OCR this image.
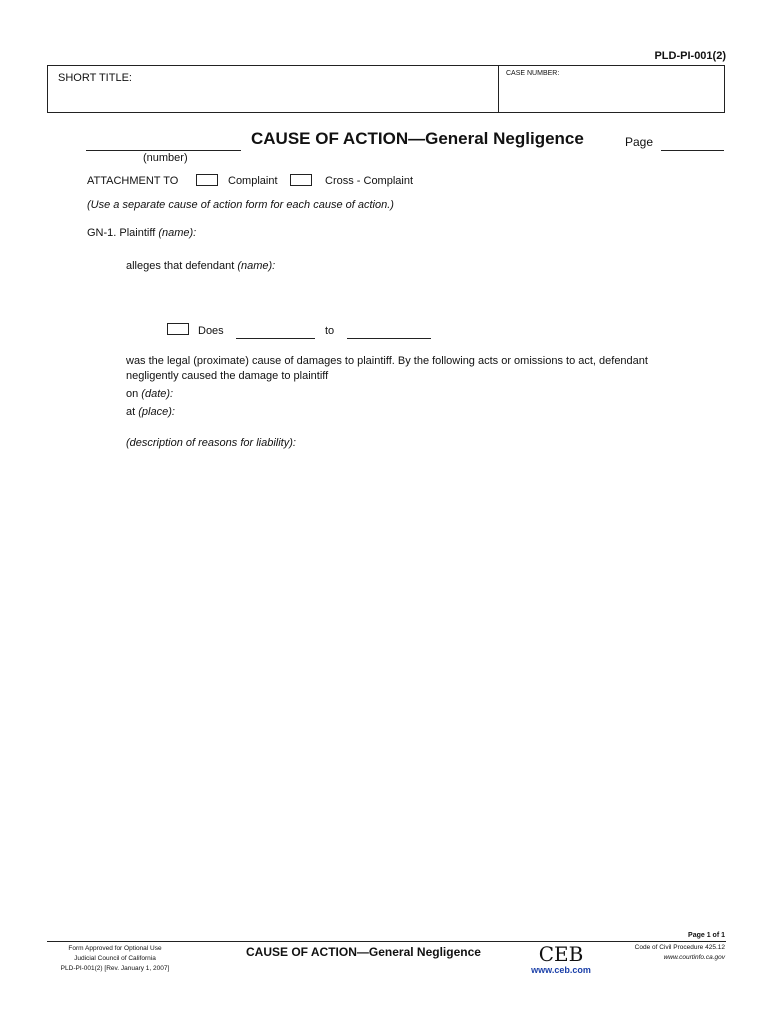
PLD-PI-001(2)
SHORT TITLE:	CASE NUMBER:
(number)
CAUSE OF ACTION—General Negligence	Page
ATTACHMENT TO	Complaint	Cross - Complaint
(Use a separate cause of action form for each cause of action.)
GN-1. Plaintiff (name):
alleges that defendant (name):
Does	to
was the legal (proximate) cause of damages to plaintiff. By the following acts or omissions to act, defendant
negligently caused the damage to plaintiff
on (date):
at (place):
(description of reasons for liability):
Page 1 of 1
Form Approved for Optional Use
Judicial Council of California
PLD-PI-001(2) [Rev. January 1, 2007]
CAUSE OF ACTION—General Negligence	CEB
www.ceb.com
Code of Civil Procedure 425.12
www.courtinfo.ca.gov
